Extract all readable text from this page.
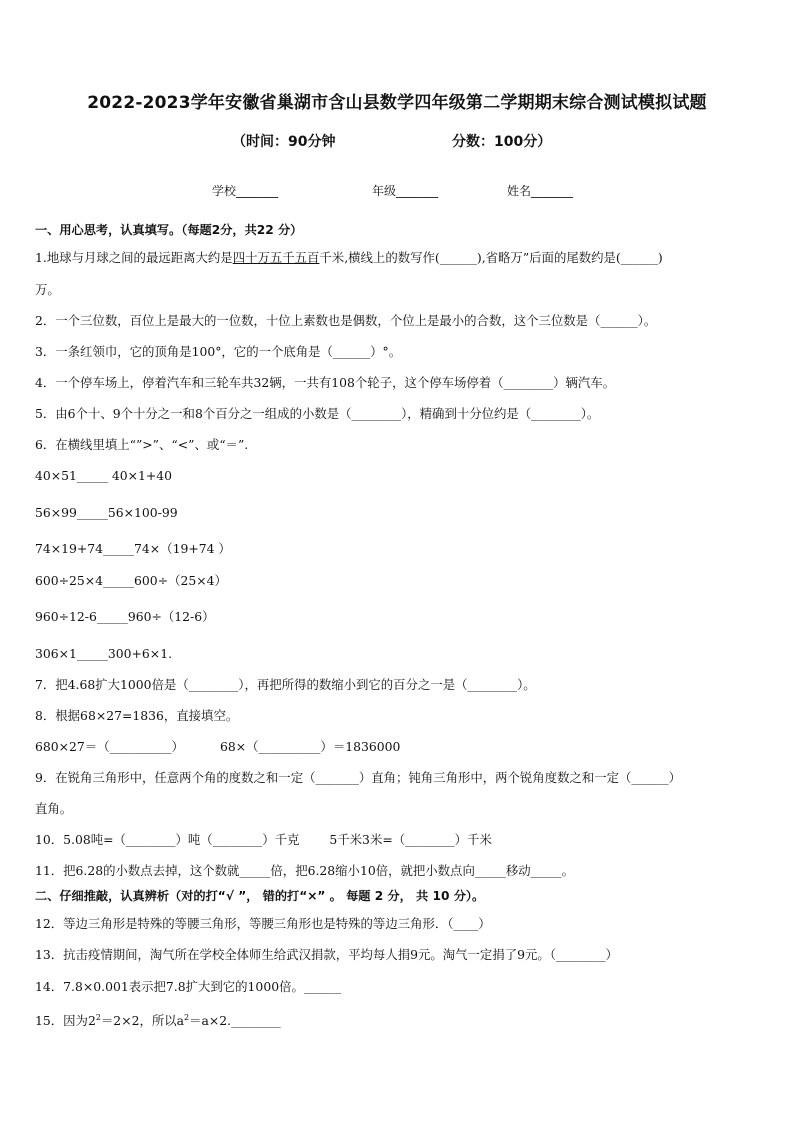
2022-2023学年安徽省巢湖市含山县数学四年级第二学期期末综合测试模拟试题
（时间：90分钟	分数：100分）
学校_______	年级_______	姓名_______
一、用心思考，认真填写。（每题2分，共22 分）
1.地球与月球之间的最远距离大约是四十万五千五百千米,横线上的数写作(______),省略万”后面的尾数约是(______)
万。
2．一个三位数，百位上是最大的一位数，十位上素数也是偶数，个位上是最小的合数，这个三位数是（______）。
3．一条红领巾，它的顶角是100°，它的一个底角是（______）°。
4．一个停车场上，停着汽车和三轮车共32辆，一共有108个轮子，这个停车场停着（________）辆汽车。
5．由6个十、9个十分之一和8个百分之一组成的小数是（________），精确到十分位约是（________）。
6．在横线里填上“”>”、“<”、或“＝”.
40×51_____ 40×1+40
56×99_____56×100-99
74×19+74_____74×（19+74 ）
600÷25×4_____600÷（25×4）
960÷12-6_____960÷（12-6）
306×1_____300+6×1.
7．把4.68扩大1000倍是（________），再把所得的数缩小到它的百分之一是（________）。
8．根据68×27=1836，直接填空。
680×27＝（__________）	68×（__________）＝1836000
9．在锐角三角形中，任意两个角的度数之和一定（_______）直角；钝角三角形中，两个锐角度数之和一定（______）
直角。
10．5.08吨=（________）吨（________）千克 5千米3米=（________）千米
11．把6.28的小数点去掉，这个数就_____倍，把6.28缩小10倍，就把小数点向_____移动_____。
二、仔细推敲，认真辨析（对的打“√ ”， 错的打“×” 。 每题 2 分， 共 10 分）。
12．等边三角形是特殊的等腰三角形，等腰三角形也是特殊的等边三角形．（____）
13．抗击疫情期间，淘气所在学校全体师生给武汉捐款，平均每人捐9元。淘气一定捐了9元。（________）
14．7.8×0.001表示把7.8扩大到它的1000倍。______
15．因为$2^2=2\times 2$，所以$a^2=a\times 2.\_\_\_\_\_\_\_\_$
